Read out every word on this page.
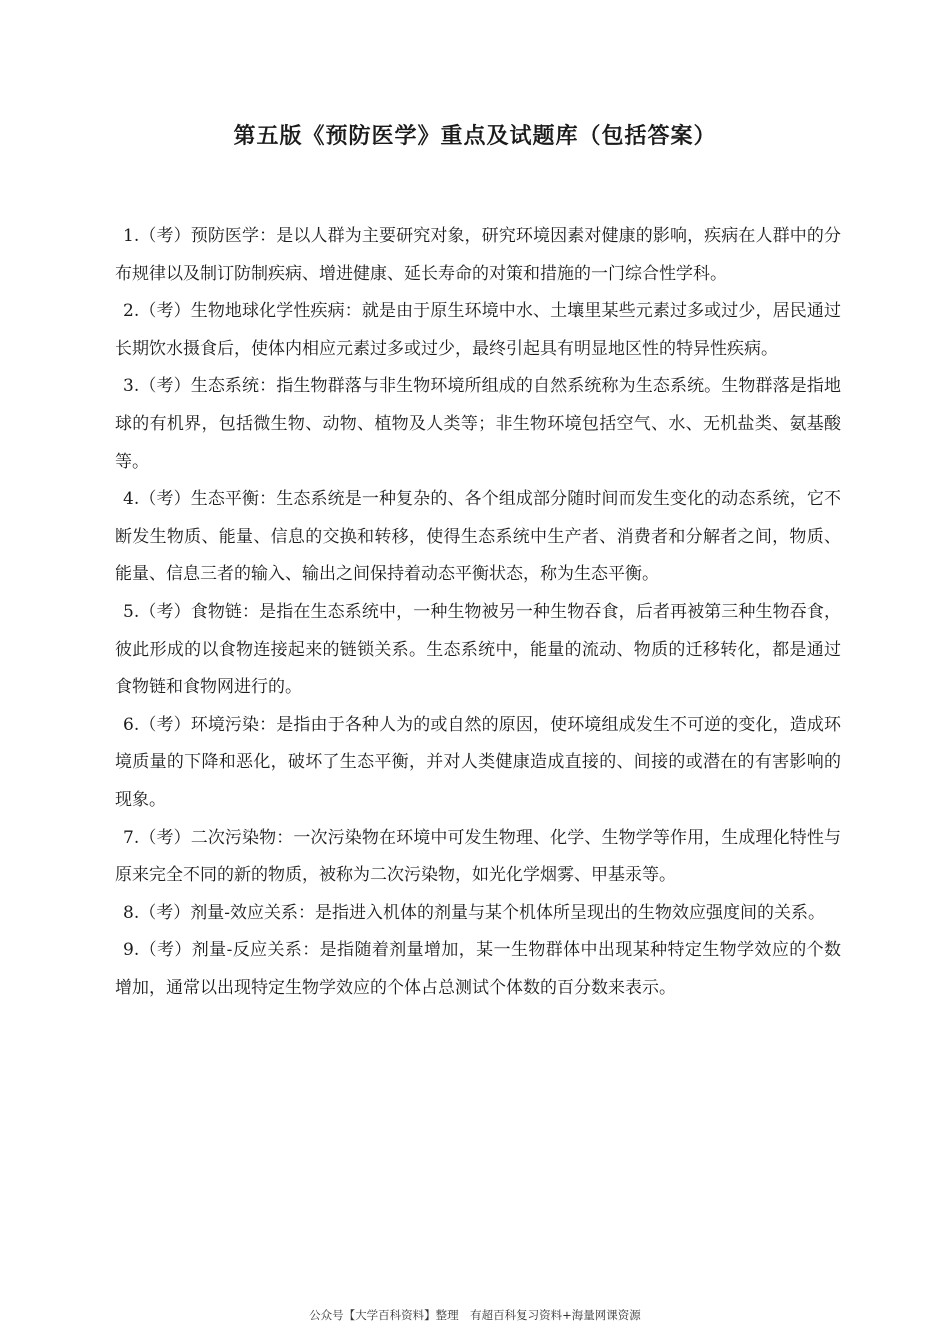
第五版《预防医学》重点及试题库（包括答案）

1.（考）预防医学：是以人群为主要研究对象，研究环境因素对健康的影响，疾病在人群中的分布规律以及制订防制疾病、增进健康、延长寿命的对策和措施的一门综合性学科。

2.（考）生物地球化学性疾病：就是由于原生环境中水、土壤里某些元素过多或过少，居民通过长期饮水摄食后，使体内相应元素过多或过少，最终引起具有明显地区性的特异性疾病。

3.（考）生态系统：指生物群落与非生物环境所组成的自然系统称为生态系统。生物群落是指地球的有机界，包括微生物、动物、植物及人类等；非生物环境包括空气、水、无机盐类、氨基酸等。

4.（考）生态平衡：生态系统是一种复杂的、各个组成部分随时间而发生变化的动态系统，它不断发生物质、能量、信息的交换和转移，使得生态系统中生产者、消费者和分解者之间，物质、能量、信息三者的输入、输出之间保持着动态平衡状态，称为生态平衡。

5.（考）食物链：是指在生态系统中，一种生物被另一种生物吞食，后者再被第三种生物吞食，彼此形成的以食物连接起来的链锁关系。生态系统中，能量的流动、物质的迁移转化，都是通过食物链和食物网进行的。

6.（考）环境污染：是指由于各种人为的或自然的原因，使环境组成发生不可逆的变化，造成环境质量的下降和恶化，破坏了生态平衡，并对人类健康造成直接的、间接的或潜在的有害影响的现象。

7.（考）二次污染物：一次污染物在环境中可发生物理、化学、生物学等作用，生成理化特性与原来完全不同的新的物质，被称为二次污染物，如光化学烟雾、甲基汞等。

8.（考）剂量-效应关系：是指进入机体的剂量与某个机体所呈现出的生物效应强度间的关系。

9.（考）剂量-反应关系：是指随着剂量增加，某一生物群体中出现某种特定生物学效应的个数增加，通常以出现特定生物学效应的个体占总测试个体数的百分数来表示。

公众号【大学百科资料】整理　有超百科复习资料+海量网课资源
